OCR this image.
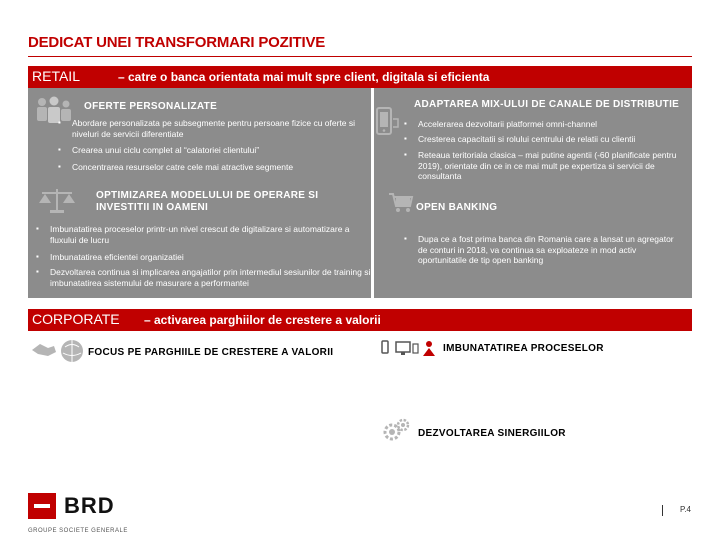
DEDICAT UNEI TRANSFORMARI POZITIVE
RETAIL	– catre o banca orientata mai mult spre client, digitala si eficienta
OFERTE PERSONALIZATE
▪ Abordare personalizata pe subsegmente pentru persoane fizice cu oferte si niveluri de servicii diferentiate
▪ Crearea unui ciclu complet al “calatoriei clientului”
▪ Concentrarea resurselor catre cele mai atractive segmente
OPTIMIZAREA MODELULUI DE OPERARE SI
INVESTITII IN OAMENI
▪ Imbunatatirea proceselor printr-un nivel crescut de digitalizare si automatizare a fluxului de lucru
▪ Imbunatatirea eficientei organizatiei
▪ Dezvoltarea continua si implicarea angajatilor prin intermediul sesiunilor de training si imbunatatirea sistemului de masurare a performantei
ADAPTAREA MIX-ULUI DE CANALE DE DISTRIBUTIE
▪ Accelerarea dezvoltarii platformei omni-channel
▪ Cresterea capacitatii si rolului centrului de relatii cu clientii
▪ Reteaua teritoriala clasica – mai putine agentii (-60 planificate pentru 2019), orientate din ce in ce mai mult pe expertiza si servicii de consultanta
OPEN BANKING
▪ Dupa ce a fost prima banca din Romania care a lansat un agregator de conturi in 2018, va continua sa exploateze in mod activ oportunitatile de tip open banking
CORPORATE – activarea parghiilor de crestere a valorii
FOCUS PE PARGHIILE DE CRESTERE A VALORII
▪ Intensificarea vanzarii incrucisate de produse care sa compenseze presiunea preturilor activitatilor traditionale si care sa activeze parghiile de crestere a valorii – finantarea structurata, corporate finance, produse derivate, GTB – asigurand promovarea acestora catre toate segmentele de clienti
▪ Valorificarea capabilitatilor structurii specializate in co-finantari in cadrul programelor de finantare europene si nationale
▪ Implementarea unui sistem superior de management al vanzarii si de monitorizare pentru a creste performanta comerciala
IMBUNATATIREA PROCESELOR
▪ Continuarea optimizarii si digitalizarii proceselor
DEZVOLTAREA SINERGIILOR
▪ Continuarea dezvoltarii sinergiilor cu segmentul retail, subsidiarele specializate si grupul SG
BRD
GROUPE SOCIETE GENERALE
P.4
